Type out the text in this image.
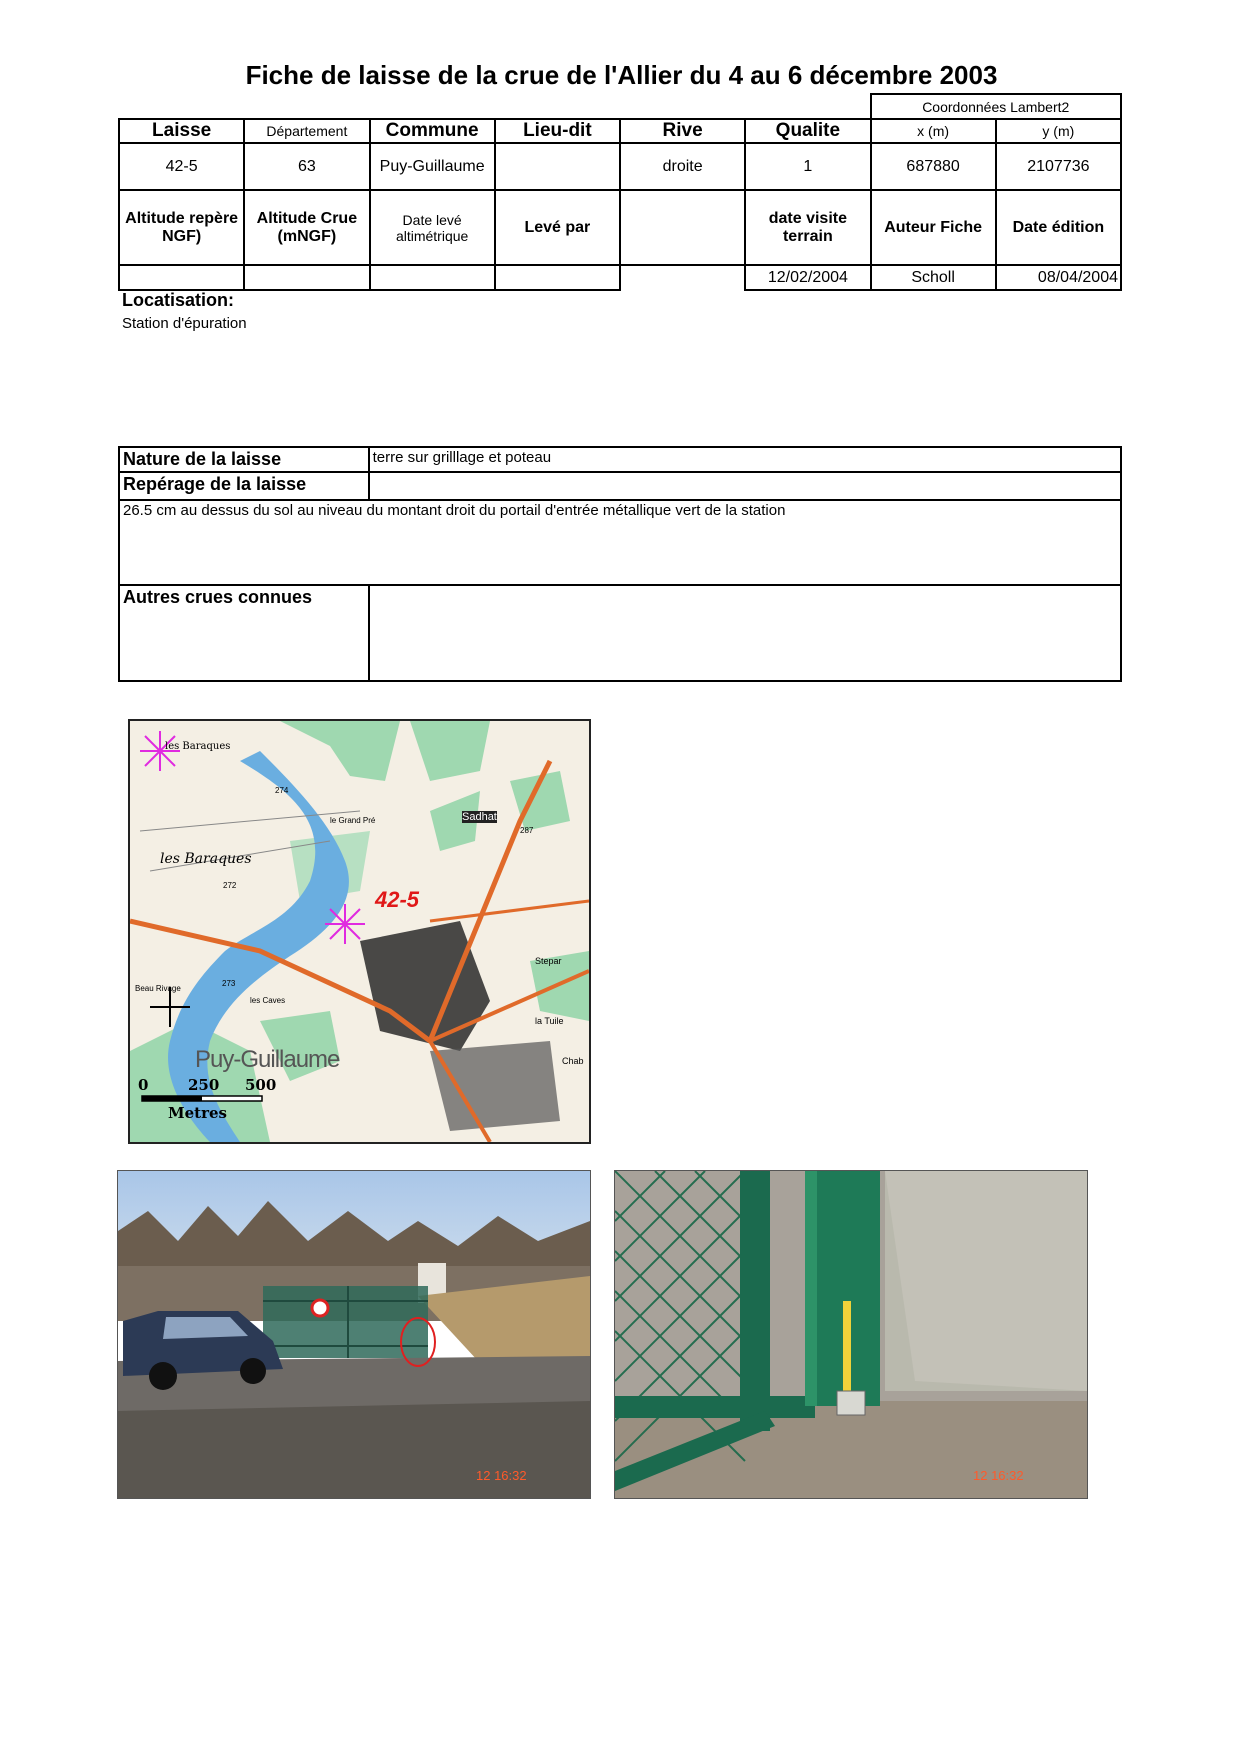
Fiche de laisse de la crue de l'Allier du 4 au 6 décembre 2003
						Coordonnées Lambert2	
Laisse	Département	Commune	Lieu-dit	Rive	Qualite	x (m)	y (m)
42-5	63	Puy-Guillaume		droite	1	687880	2107736
Altitude repère NGF)	Altitude Crue (mNGF)	Date levé altimétrique	Levé par		date visite terrain	Auteur Fiche	Date édition
					12/02/2004	Scholl	08/04/2004
Locatisation:
Station d'épuration
Nature de la laisse	terre sur grilllage et poteau
Repérage de la laisse	
26.5 cm au dessus du sol au niveau du montant droit du portail d'entrée métallique vert de la station	
Autres crues connues	
les Baraques
les Baraques
Sadhat
le Grand Pré
Puy-Guillaume
Beau Rivage
les Caves
Stepar
la Tuile
Chab
42-5
272
273
274
287
0	250 500
Metres
12 16:32	12 16:32
